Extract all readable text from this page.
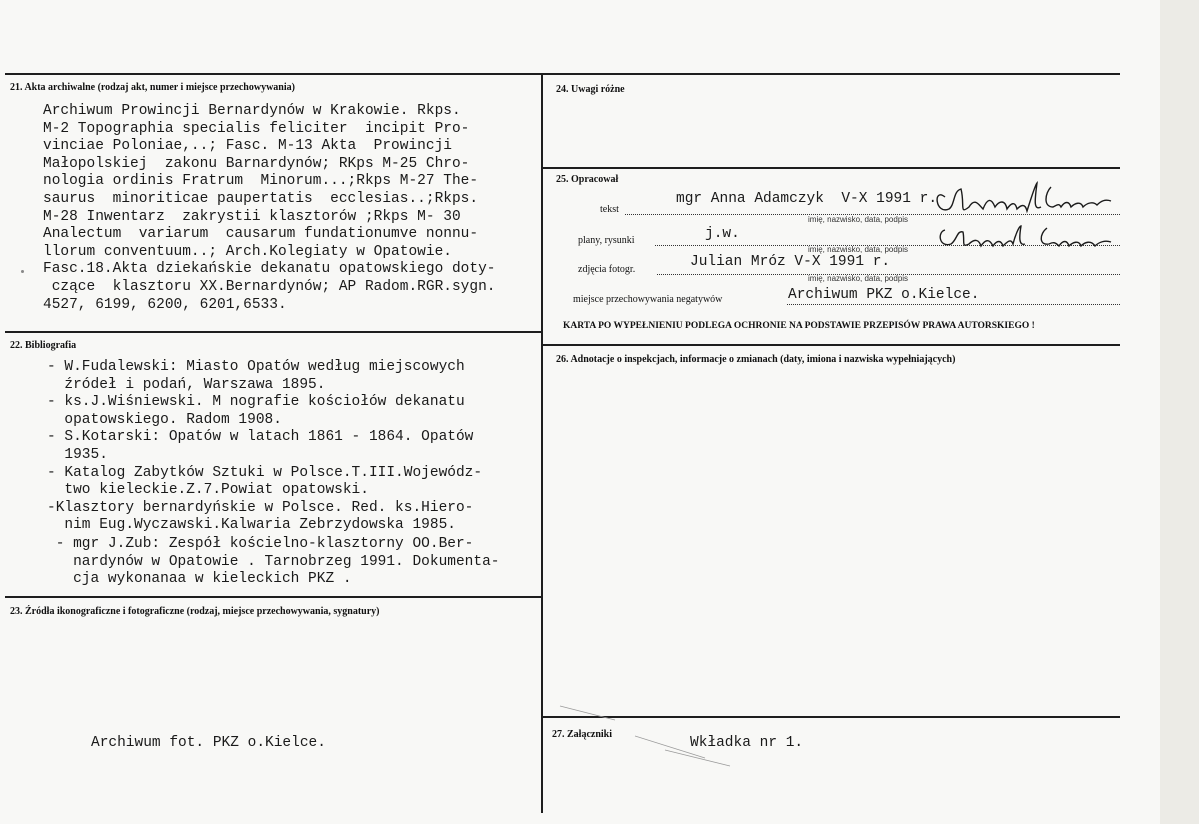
21. Akta archiwalne (rodzaj akt, numer i miejsce przechowywania)
Archiwum Prowincji Bernardynów w Krakowie. Rkps.
M-2 Topographia specialis feliciter  incipit Pro-
vinciae Poloniae,..; Fasc. M-13 Akta  Prowincji
Małopolskiej  zakonu Barnardynów; RKps M-25 Chro-
nologia ordinis Fratrum  Minorum...;Rkps M-27 The-
saurus  minoriticae paupertatis  ecclesias..;Rkps.
M-28 Inwentarz  zakrystii klasztorów ;Rkps M- 30
Analectum  variarum  causarum fundationumve nonnu-
llorum conventuum..; Arch.Kolegiaty w Opatowie.
Fasc.18.Akta dziekańskie dekanatu opatowskiego doty-
czące  klasztoru XX.Bernardynów; AP Radom.RGR.sygn.
4527, 6199, 6200, 6201,6533.
22. Bibliografia
- W.Fudalewski: Miasto Opatów według miejscowych
źródeł i podań, Warszawa 1895.
- ks.J.Wiśniewski. M nografie kościołów dekanatu
opatowskiego. Radom 1908.
- S.Kotarski: Opatów w latach 1861 - 1864. Opatów
1935.
- Katalog Zabytków Sztuki w Polsce.T.III.Wojewódz-
two kieleckie.Z.7.Powiat opatowski.
-Klasztory bernardyńskie w Polsce. Red. ks.Hiero-
nim Eug.Wyczawski.Kalwaria Zebrzydowska 1985.
- mgr J.Zub: Zespół kościelno-klasztorny OO.Ber-
nardynów w Opatowie . Tarnobrzeg 1991. Dokumenta-
cja wykonanaa w kieleckich PKZ .
23. Źródła ikonograficzne i fotograficzne (rodzaj, miejsce przechowywania, sygnatury)
Archiwum fot. PKZ o.Kielce.
24. Uwagi różne
25. Opracował
tekst
mgr Anna Adamczyk  V-X 1991 r.
imię, nazwisko, data, podpis
plany, rysunki	j.w.
imię, nazwisko, data, podpis
zdjęcia fotogr.	Julian Mróz V-X 1991 r.
imię, nazwisko, data, podpis
miejsce przechowywania negatywów	Archiwum PKZ o.Kielce.
KARTA PO WYPEŁNIENIU PODLEGA OCHRONIE NA PODSTAWIE PRZEPISÓW PRAWA AUTORSKIEGO !
26. Adnotacje o inspekcjach, informacje o zmianach (daty, imiona i nazwiska wypełniających)
27. Załączniki
Wkładka nr 1.
